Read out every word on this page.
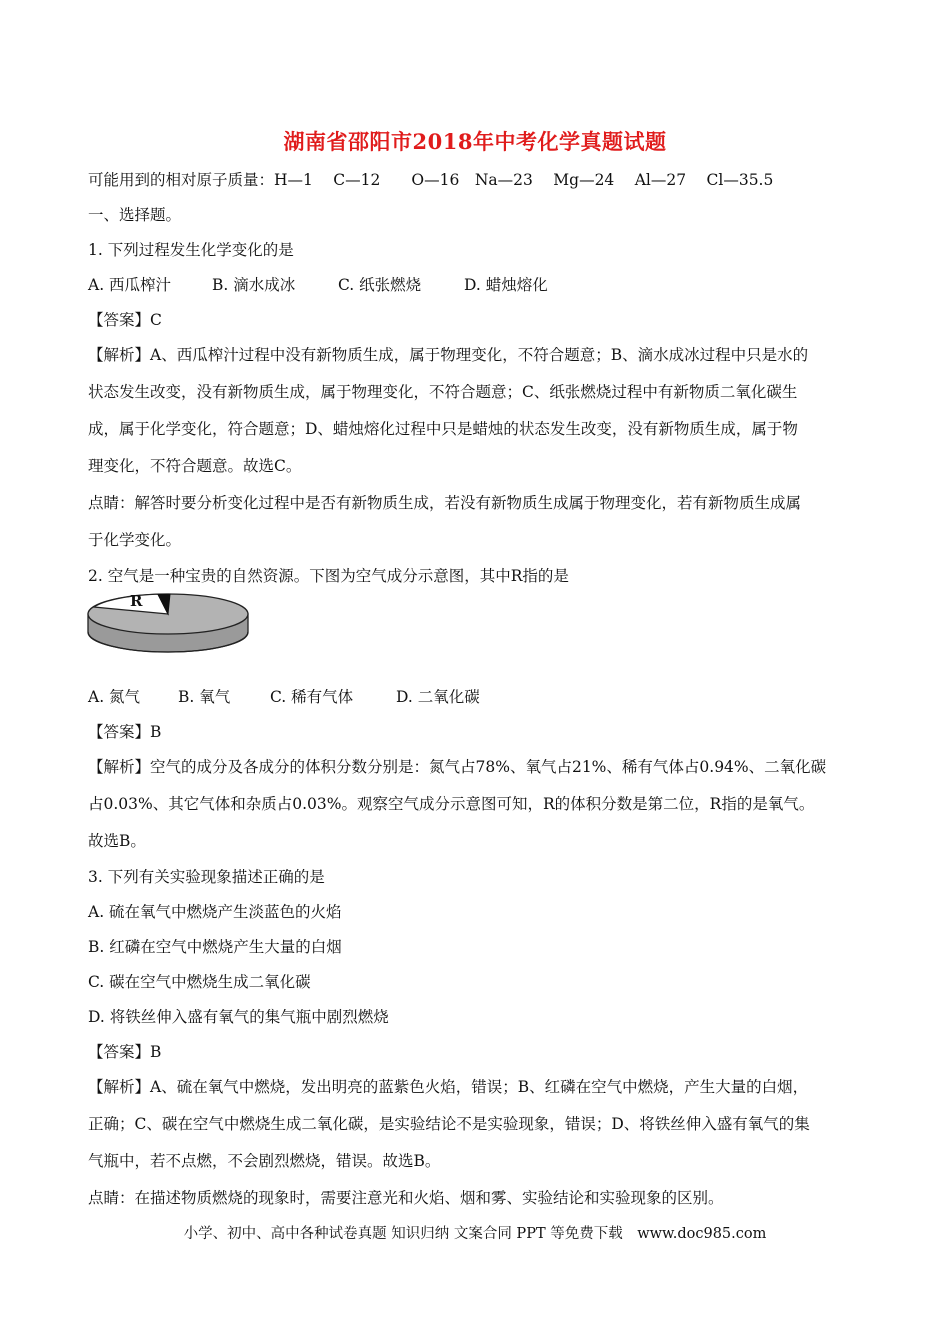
湖南省邵阳市2018年中考化学真题试题
可能用到的相对原子质量：H—1　 C—12　　O—16　Na—23　 Mg—24　 Al—27　 Cl—35.5
一、选择题。
1. 下列过程发生化学变化的是
A. 西瓜榨汁	B. 滴水成冰	C. 纸张燃烧	D. 蜡烛熔化
【答案】C
【解析】A、西瓜榨汁过程中没有新物质生成，属于物理变化，不符合题意；B、滴水成冰过程中只是水的
状态发生改变，没有新物质生成，属于物理变化，不符合题意；C、纸张燃烧过程中有新物质二氧化碳生
成，属于化学变化，符合题意；D、蜡烛熔化过程中只是蜡烛的状态发生改变，没有新物质生成，属于物
理变化，不符合题意。故选C。
点睛：解答时要分析变化过程中是否有新物质生成，若没有新物质生成属于物理变化，若有新物质生成属
于化学变化。
2. 空气是一种宝贵的自然资源。下图为空气成分示意图，其中R指的是
R
A. 氮气 B. 氧气	C. 稀有气体	D. 二氧化碳
【答案】B
【解析】空气的成分及各成分的体积分数分别是：氮气占78%、氧气占21%、稀有气体占0.94%、二氧化碳
占0.03%、其它气体和杂质占0.03%。观察空气成分示意图可知，R的体积分数是第二位，R指的是氧气。
故选B。
3. 下列有关实验现象描述正确的是
A. 硫在氧气中燃烧产生淡蓝色的火焰
B. 红磷在空气中燃烧产生大量的白烟
C. 碳在空气中燃烧生成二氧化碳
D. 将铁丝伸入盛有氧气的集气瓶中剧烈燃烧
【答案】B
【解析】A、硫在氧气中燃烧，发出明亮的蓝紫色火焰，错误；B、红磷在空气中燃烧，产生大量的白烟，
正确；C、碳在空气中燃烧生成二氧化碳，是实验结论不是实验现象，错误；D、将铁丝伸入盛有氧气的集
气瓶中，若不点燃，不会剧烈燃烧，错误。故选B。
点睛：在描述物质燃烧的现象时，需要注意光和火焰、烟和雾、实验结论和实验现象的区别。
小学、初中、高中各种试卷真题 知识归纳 文案合同 PPT 等免费下载　www.doc985.com
